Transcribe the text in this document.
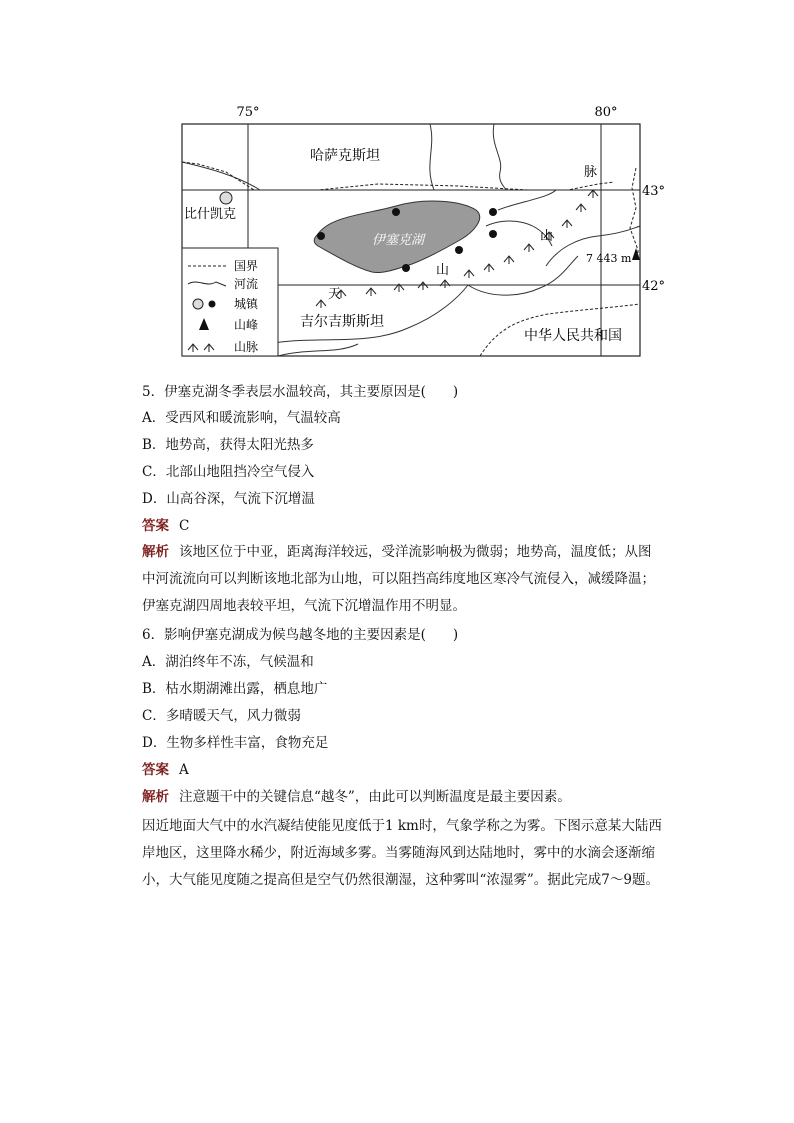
75°	80°
43°
42°
哈萨克斯坦
比什凯克
伊塞克湖
吉尔吉斯斯坦
中华人民共和国
7 443 m
天
山
脉
山
国界
河流
城镇
山峰
山脉
5．伊塞克湖冬季表层水温较高，其主要原因是(　　)
A．受西风和暖流影响，气温较高
B．地势高，获得太阳光热多
C．北部山地阻挡冷空气侵入
D．山高谷深，气流下沉增温
答案 C
解析 该地区位于中亚，距离海洋较远，受洋流影响极为微弱；地势高，温度低；从图中河流流向可以判断该地北部为山地，可以阻挡高纬度地区寒冷气流侵入，减缓降温；伊塞克湖四周地表较平坦，气流下沉增温作用不明显。
6．影响伊塞克湖成为候鸟越冬地的主要因素是(　　)
A．湖泊终年不冻，气候温和
B．枯水期湖滩出露，栖息地广
C．多晴暖天气，风力微弱
D．生物多样性丰富，食物充足
答案 A
解析 注意题干中的关键信息“越冬”，由此可以判断温度是最主要因素。
因近地面大气中的水汽凝结使能见度低于1 km时，气象学称之为雾。下图示意某大陆西岸地区，这里降水稀少，附近海域多雾。当雾随海风到达陆地时，雾中的水滴会逐渐缩小，大气能见度随之提高但是空气仍然很潮湿，这种雾叫“浓湿雾”。据此完成7～9题。
